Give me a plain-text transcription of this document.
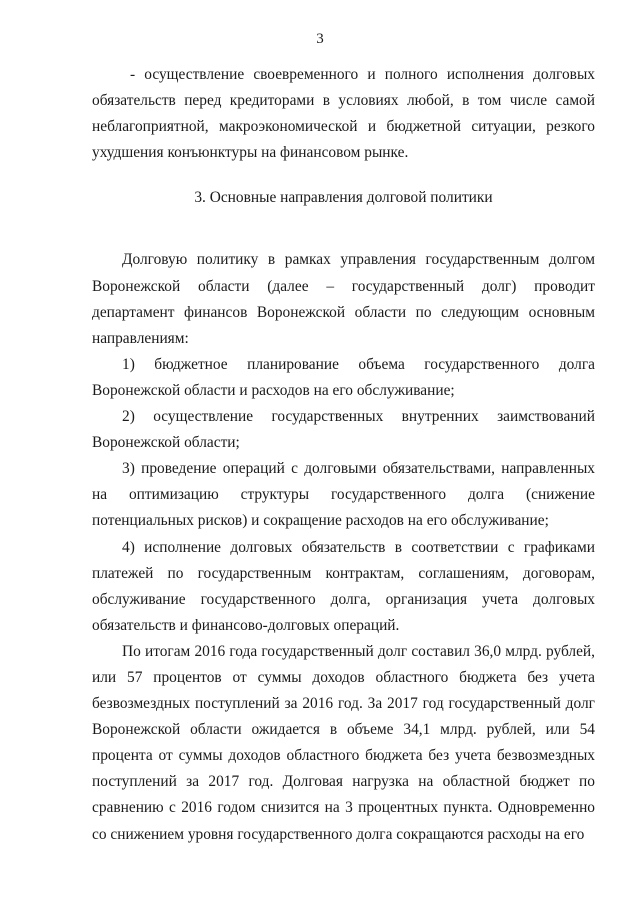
3

- осуществление своевременного и полного исполнения долговых обязательств перед кредиторами в условиях любой, в том числе самой неблагоприятной, макроэкономической и бюджетной ситуации, резкого ухудшения конъюнктуры на финансовом рынке.

3. Основные направления долговой политики

Долговую политику в рамках управления государственным долгом Воронежской области (далее – государственный долг) проводит департамент финансов Воронежской области по следующим основным направлениям:

1) бюджетное планирование объема государственного долга Воронежской области и расходов на его обслуживание;

2) осуществление государственных внутренних заимствований Воронежской области;

3) проведение операций с долговыми обязательствами, направленных на оптимизацию структуры государственного долга (снижение потенциальных рисков) и сокращение расходов на его обслуживание;

4) исполнение долговых обязательств в соответствии с графиками платежей по государственным контрактам, соглашениям, договорам, обслуживание государственного долга, организация учета долговых обязательств и финансово-долговых операций.

По итогам 2016 года государственный долг составил 36,0 млрд. рублей, или 57 процентов от суммы доходов областного бюджета без учета безвозмездных поступлений за 2016 год. За 2017 год государственный долг Воронежской области ожидается в объеме 34,1 млрд. рублей, или 54 процента от суммы доходов областного бюджета без учета безвозмездных поступлений за 2017 год. Долговая нагрузка на областной бюджет по сравнению с 2016 годом снизится на 3 процентных пункта. Одновременно со снижением уровня государственного долга сокращаются расходы на его
